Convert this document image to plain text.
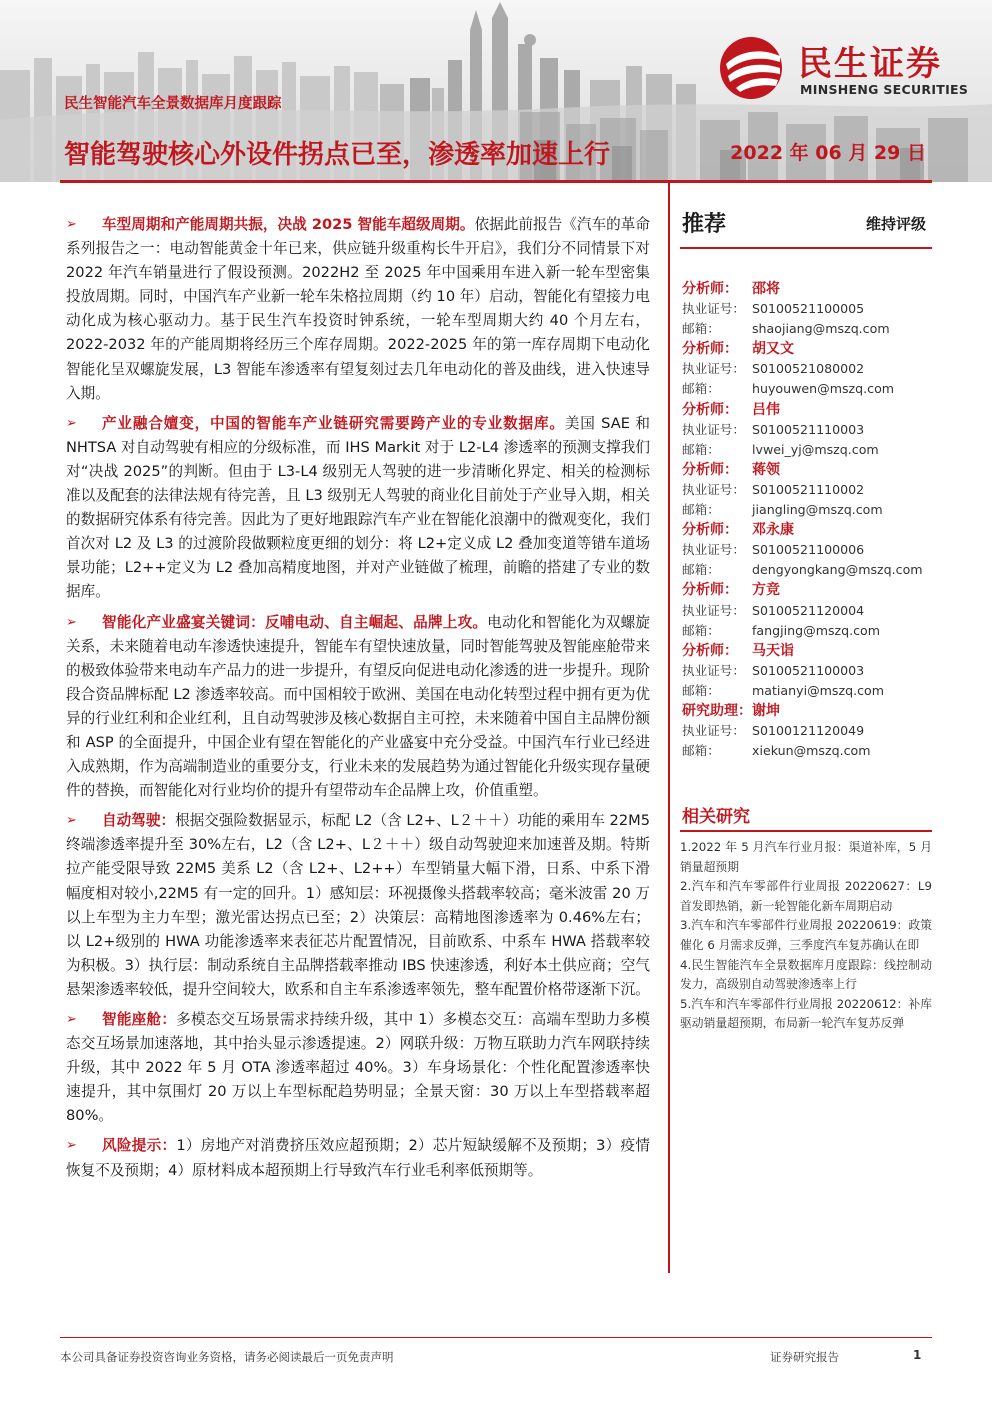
民生证券
MINSHENG SECURITIES
民生智能汽车全景数据库月度跟踪
智能驾驶核心外设件拐点已至，渗透率加速上行	2022 年 06 月 29 日

➢ 车型周期和产能周期共振，决战 2025 智能车超级周期。依据此前报告《汽车的革命系列报告之一：电动智能黄金十年已来，供应链升级重构长牛开启》，我们分不同情景下对 2022 年汽车销量进行了假设预测。2022H2 至 2025 年中国乘用车进入新一轮车型密集投放周期。同时，中国汽车产业新一轮车朱格拉周期（约 10 年）启动，智能化有望接力电动化成为核心驱动力。基于民生汽车投资时钟系统，一轮车型周期大约 40 个月左右，2022-2032 年的产能周期将经历三个库存周期。2022-2025 年的第一库存周期下电动化智能化呈双螺旋发展，L3 智能车渗透率有望复刻过去几年电动化的普及曲线，进入快速导入期。

➢ 产业融合嬗变，中国的智能车产业链研究需要跨产业的专业数据库。美国 SAE 和 NHTSA 对自动驾驶有相应的分级标准，而 IHS Markit 对于 L2-L4 渗透率的预测支撑我们对“决战 2025”的判断。但由于 L3-L4 级别无人驾驶的进一步清晰化界定、相关的检测标准以及配套的法律法规有待完善，且 L3 级别无人驾驶的商业化目前处于产业导入期，相关的数据研究体系有待完善。因此为了更好地跟踪汽车产业在智能化浪潮中的微观变化，我们首次对 L2 及 L3 的过渡阶段做颗粒度更细的划分：将 L2+定义成 L2 叠加变道等错车道场景功能；L2++定义为 L2 叠加高精度地图，并对产业链做了梳理，前瞻的搭建了专业的数据库。

➢ 智能化产业盛宴关键词：反哺电动、自主崛起、品牌上攻。电动化和智能化为双螺旋关系，未来随着电动车渗透快速提升，智能车有望快速放量，同时智能驾驶及智能座舱带来的极致体验带来电动车产品力的进一步提升，有望反向促进电动化渗透的进一步提升。现阶段合资品牌标配 L2 渗透率较高。而中国相较于欧洲、美国在电动化转型过程中拥有更为优异的行业红利和企业红利，且自动驾驶涉及核心数据自主可控，未来随着中国自主品牌份额和 ASP 的全面提升，中国企业有望在智能化的产业盛宴中充分受益。中国汽车行业已经进入成熟期，作为高端制造业的重要分支，行业未来的发展趋势为通过智能化升级实现存量硬件的替换，而智能化对行业均价的提升有望带动车企品牌上攻，价值重塑。

➢ 自动驾驶：根据交强险数据显示，标配 L2（含 L2+、L２＋＋）功能的乘用车 22M5 终端渗透率提升至 30%左右，L2（含 L2+、L２＋＋）级自动驾驶迎来加速普及期。特斯拉产能受限导致 22M5 美系 L2（含 L2+、L2++）车型销量大幅下滑，日系、中系下滑幅度相对较小,22M5 有一定的回升。1）感知层：环视摄像头搭载率较高；毫米波雷 20 万以上车型为主力车型；激光雷达拐点已至；2）决策层：高精地图渗透率为 0.46%左右；以 L2+级别的 HWA 功能渗透率来表征芯片配置情况，目前欧系、中系车 HWA 搭载率较为积极。3）执行层：制动系统自主品牌搭载率推动 IBS 快速渗透，利好本土供应商；空气悬架渗透率较低，提升空间较大，欧系和自主车系渗透率领先，整车配置价格带逐渐下沉。

➢ 智能座舱：多模态交互场景需求持续升级，其中 1）多模态交互：高端车型助力多模态交互场景加速落地，其中抬头显示渗透提速。2）网联升级：万物互联助力汽车网联持续升级，其中 2022 年 5 月 OTA 渗透率超过 40%。3）车身场景化：个性化配置渗透率快速提升，其中氛围灯 20 万以上车型标配趋势明显；全景天窗：30 万以上车型搭载率超 80%。

➢ 风险提示：1）房地产对消费挤压效应超预期；2）芯片短缺缓解不及预期；3）疫情恢复不及预期；4）原材料成本超预期上行导致汽车行业毛利率低预期等。

推荐	维持评级
分析师： 邵将
执业证号： S0100521100005
邮箱：	shaojiang@mszq.com
分析师： 胡又文
执业证号： S0100521080002
邮箱：	huyouwen@mszq.com
分析师： 吕伟
执业证号： S0100521110003
邮箱：	lvwei_yj@mszq.com
分析师： 蒋领
执业证号： S0100521110002
邮箱：	jiangling@mszq.com
分析师： 邓永康
执业证号： S0100521100006
邮箱：	dengyongkang@mszq.com
分析师： 方竞
执业证号： S0100521120004
邮箱：	fangjing@mszq.com
分析师： 马天诣
执业证号： S0100521100003
邮箱：	matianyi@mszq.com
研究助理： 谢坤
执业证号： S0100121120049
邮箱：	xiekun@mszq.com
相关研究
1.2022 年 5 月汽车行业月报：渠道补库，5 月销量超预期
2.汽车和汽车零部件行业周报 20220627：L9 首发即热销，新一轮智能化新车周期启动
3.汽车和汽车零部件行业周报 20220619：政策催化 6 月需求反弹，三季度汽车复苏确认在即
4.民生智能汽车全景数据库月度跟踪：线控制动发力，高级别自动驾驶渗透率上行
5.汽车和汽车零部件行业周报 20220612：补库驱动销量超预期，布局新一轮汽车复苏反弹
本公司具备证券投资咨询业务资格，请务必阅读最后一页免责声明	证券研究报告	1
